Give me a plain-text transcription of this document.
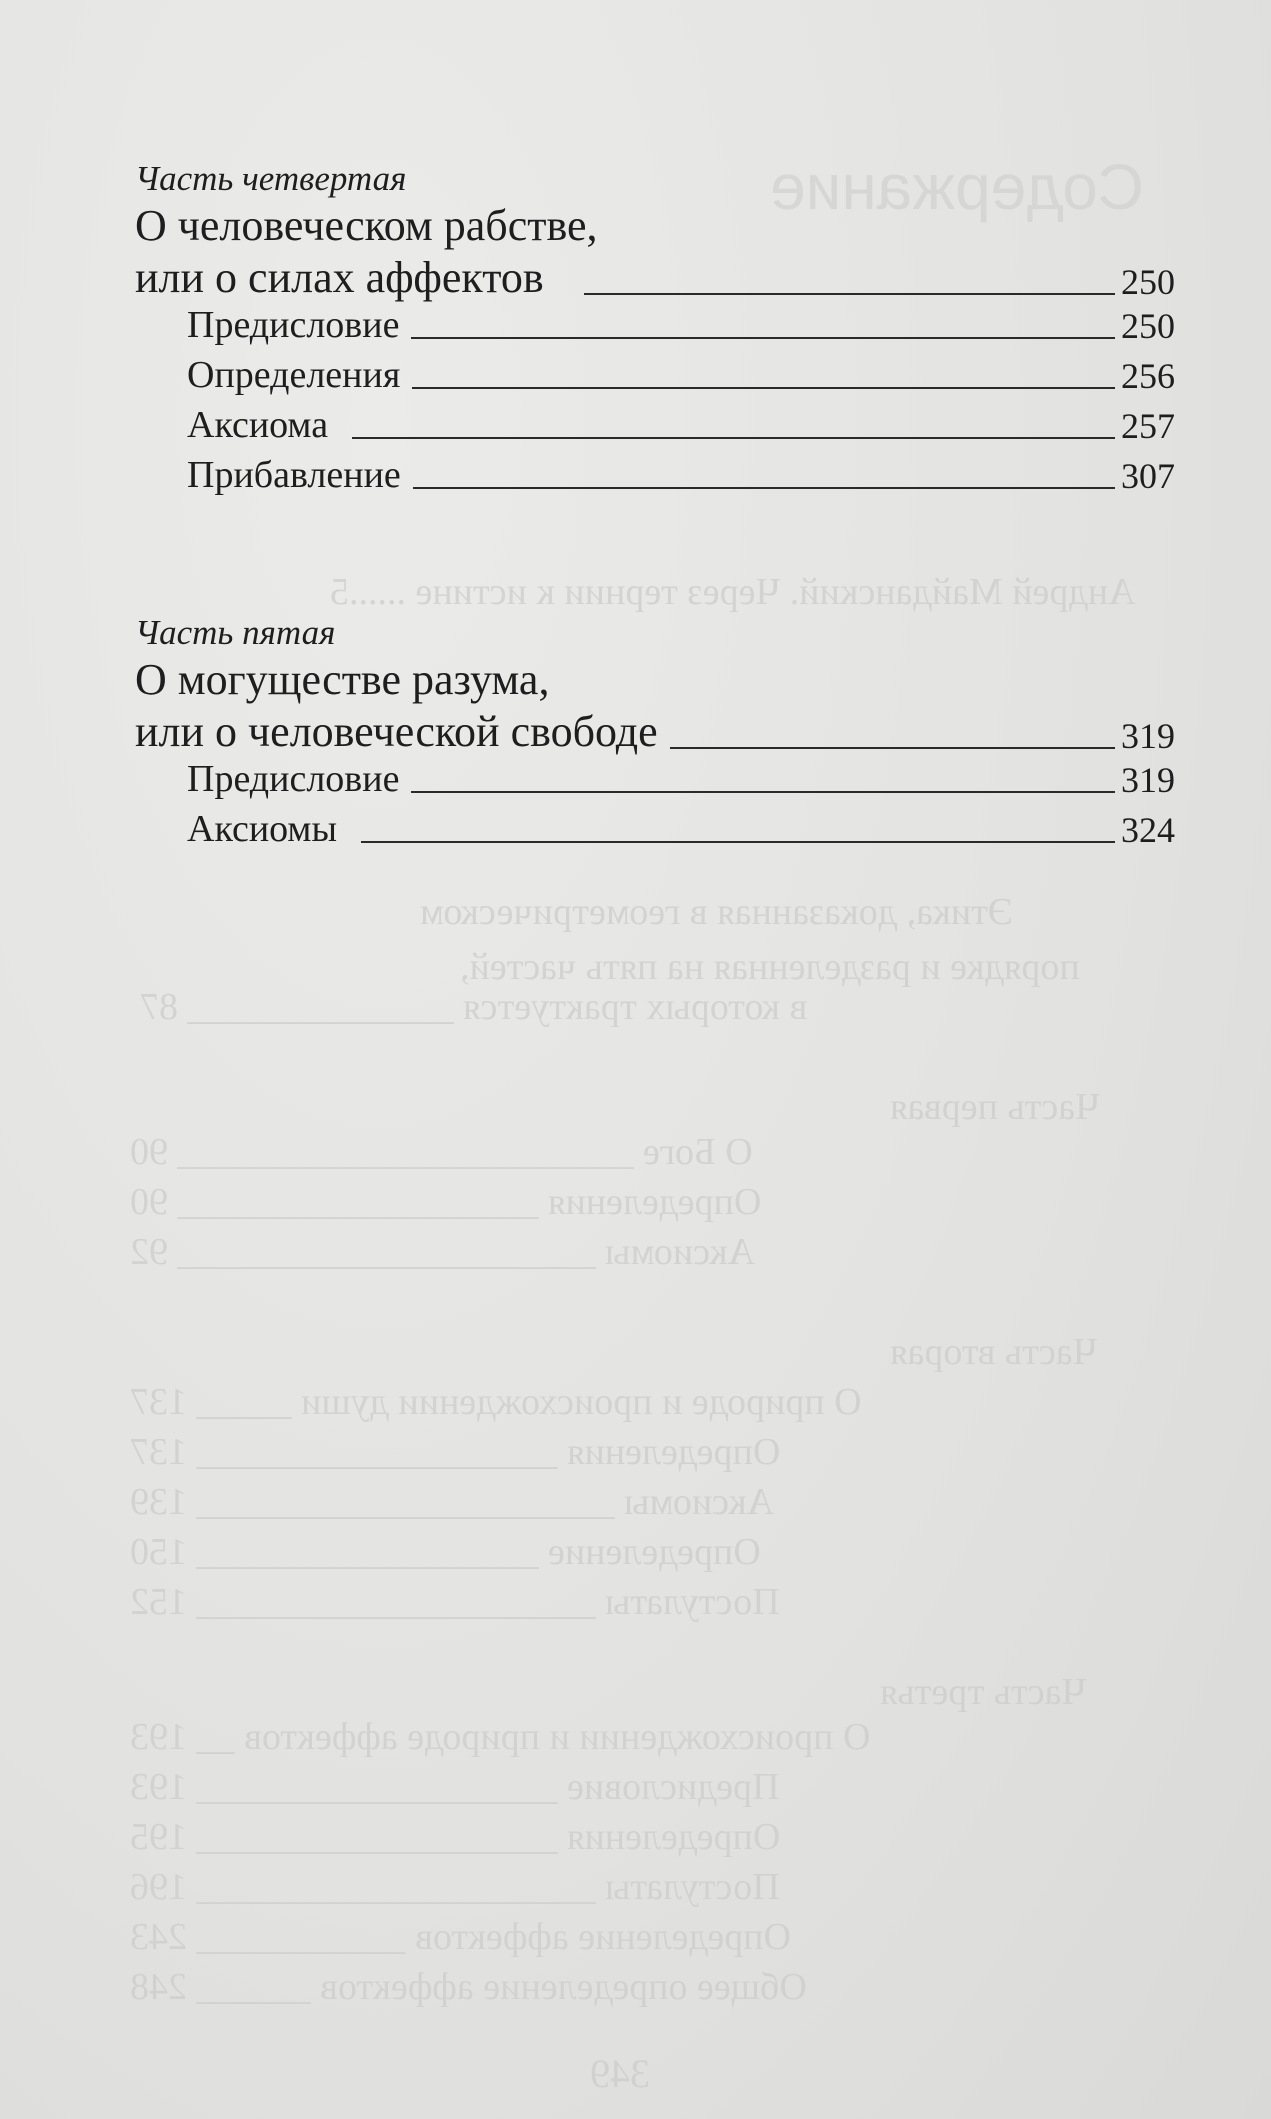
Содержание
Андрей Майданский. Через тернии к истине ......5
Этика, доказанная в геометрическом
порядке и разделенная на пять частей,
в которых трактуется ______________ 87
Часть первая
О Боге ________________________ 90
Определения ___________________ 90
Аксиомы ______________________ 92
Часть вторая
О природе и происхождении души _____ 137
Определения ___________________ 137
Аксиомы ______________________ 139
Определение __________________ 150
Постулаты _____________________ 152
Часть третья
О происхождении и природе аффектов __ 193
Предисловие ___________________ 193
Определения ___________________ 195
Постулаты _____________________ 196
Определение аффектов ___________ 243
Общее определение аффектов ______ 248
349

Часть четвертая

О человеческом рабстве,

или о силах аффектов	250
Предисловие	250
Определения	256
Аксиома	257
Прибавление	307

Часть пятая

О могуществе разума,

или о человеческой свободе	319
Предисловие	319
Аксиомы	324
